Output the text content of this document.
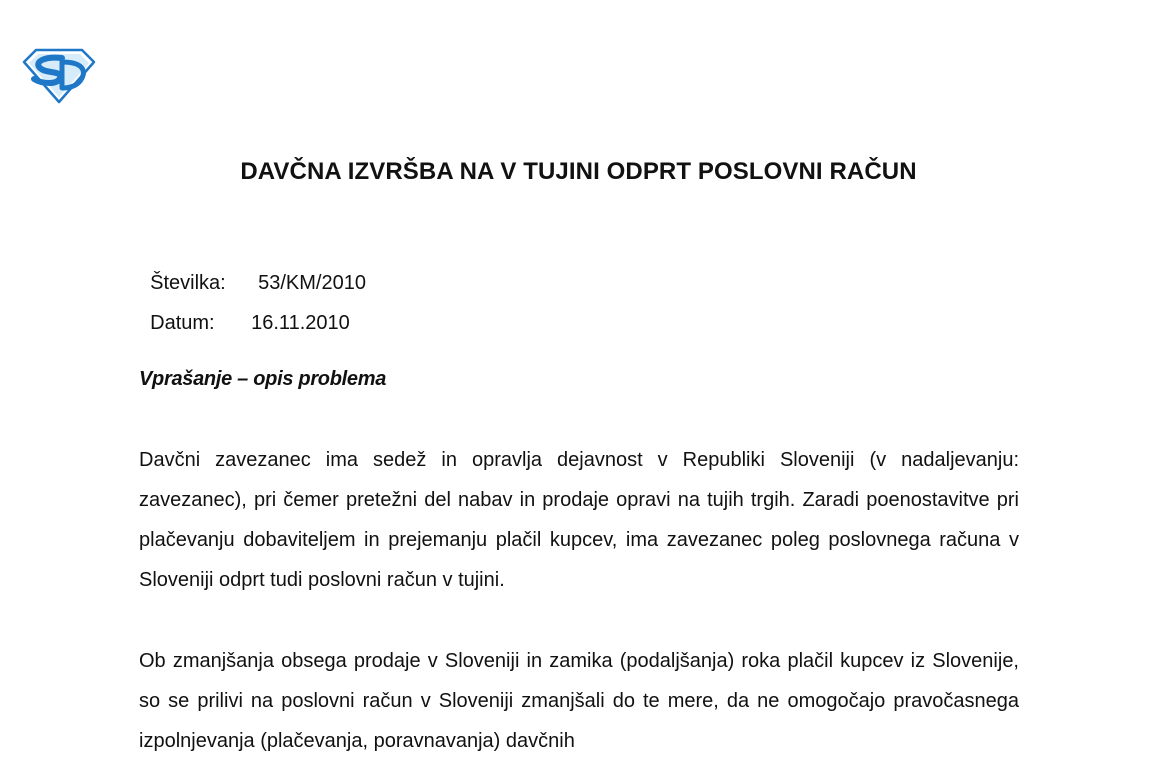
DAVČNA IZVRŠBA NA V TUJINI ODPRT POSLOVNI RAČUN

Številka: 53/KM/2010

Datum: 16.11.2010

Vprašanje – opis problema

Davčni zavezanec ima sedež in opravlja dejavnost v Republiki Sloveniji (v nadaljevanju: zavezanec), pri čemer pretežni del nabav in prodaje opravi na tujih trgih. Zaradi poenostavitve pri plačevanju dobaviteljem in prejemanju plačil kupcev, ima zavezanec poleg poslovnega računa v Sloveniji odprt tudi poslovni račun v tujini.

Ob zmanjšanja obsega prodaje v Sloveniji in zamika (podaljšanja) roka plačil kupcev iz Slovenije, so se prilivi na poslovni račun v Sloveniji zmanjšali do te mere, da ne omogočajo pravočasnega izpolnjevanja (plačevanja, poravnavanja) davčnih
